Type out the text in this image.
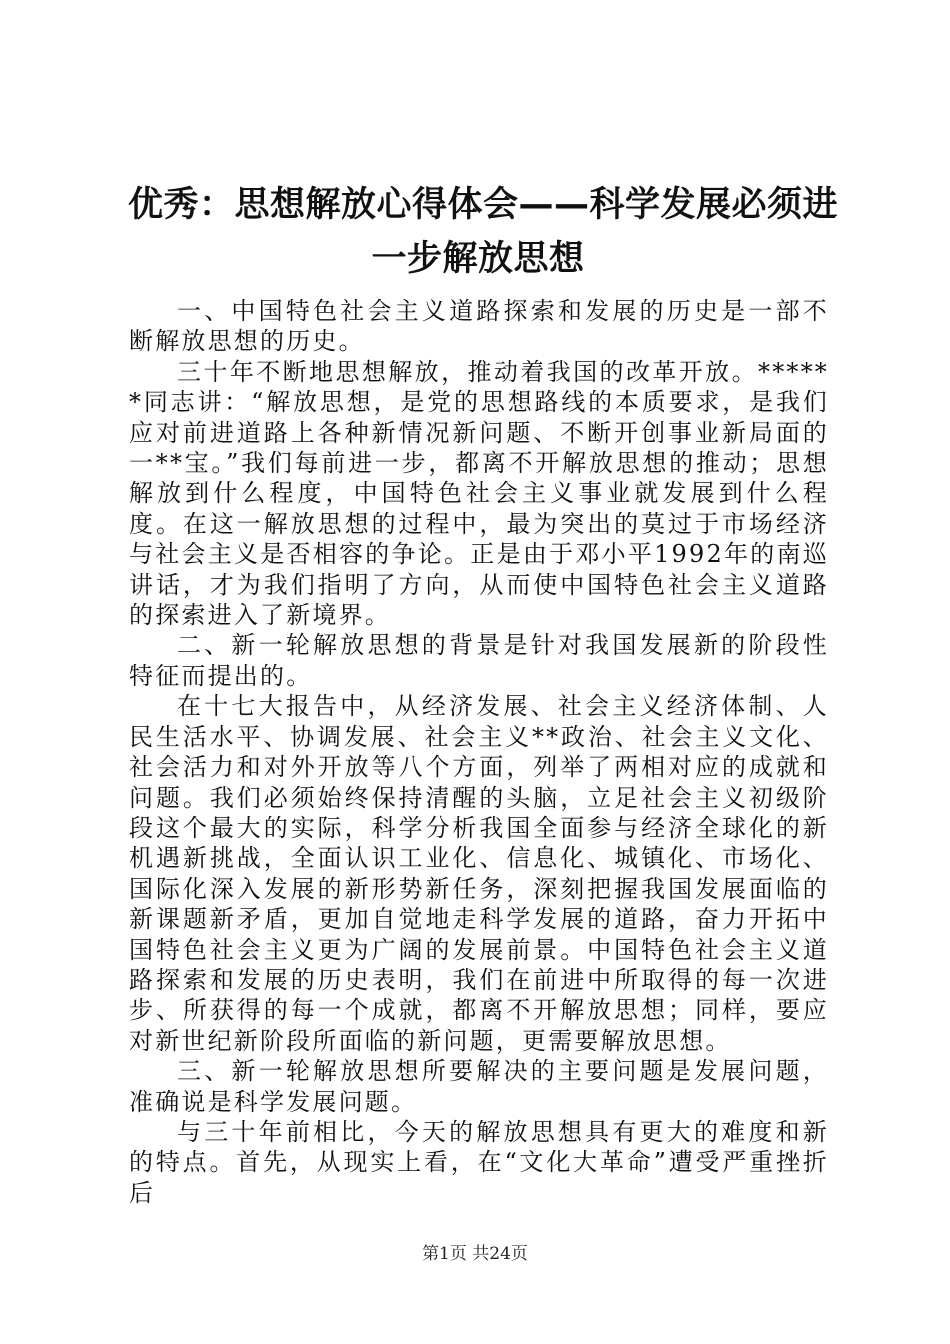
优秀：思想解放心得体会——科学发展必须进
一步解放思想

一、中国特色社会主义道路探索和发展的历史是一部不断解放思想的历史。

三十年不断地思想解放，推动着我国的改革开放。******同志讲：“解放思想，是党的思想路线的本质要求，是我们应对前进道路上各种新情况新问题、不断开创事业新局面的一**宝。”我们每前进一步，都离不开解放思想的推动；思想解放到什么程度，中国特色社会主义事业就发展到什么程度。在这一解放思想的过程中，最为突出的莫过于市场经济与社会主义是否相容的争论。正是由于邓小平1992年的南巡讲话，才为我们指明了方向，从而使中国特色社会主义道路的探索进入了新境界。

二、新一轮解放思想的背景是针对我国发展新的阶段性特征而提出的。

在十七大报告中，从经济发展、社会主义经济体制、人民生活水平、协调发展、社会主义**政治、社会主义文化、社会活力和对外开放等八个方面，列举了两相对应的成就和问题。我们必须始终保持清醒的头脑，立足社会主义初级阶段这个最大的实际，科学分析我国全面参与经济全球化的新机遇新挑战，全面认识工业化、信息化、城镇化、市场化、国际化深入发展的新形势新任务，深刻把握我国发展面临的新课题新矛盾，更加自觉地走科学发展的道路，奋力开拓中国特色社会主义更为广阔的发展前景。中国特色社会主义道路探索和发展的历史表明，我们在前进中所取得的每一次进步、所获得的每一个成就，都离不开解放思想；同样，要应对新世纪新阶段所面临的新问题，更需要解放思想。

三、新一轮解放思想所要解决的主要问题是发展问题，准确说是科学发展问题。

与三十年前相比，今天的解放思想具有更大的难度和新的特点。首先，从现实上看，在“文化大革命”遭受严重挫折后

第1页 共24页
